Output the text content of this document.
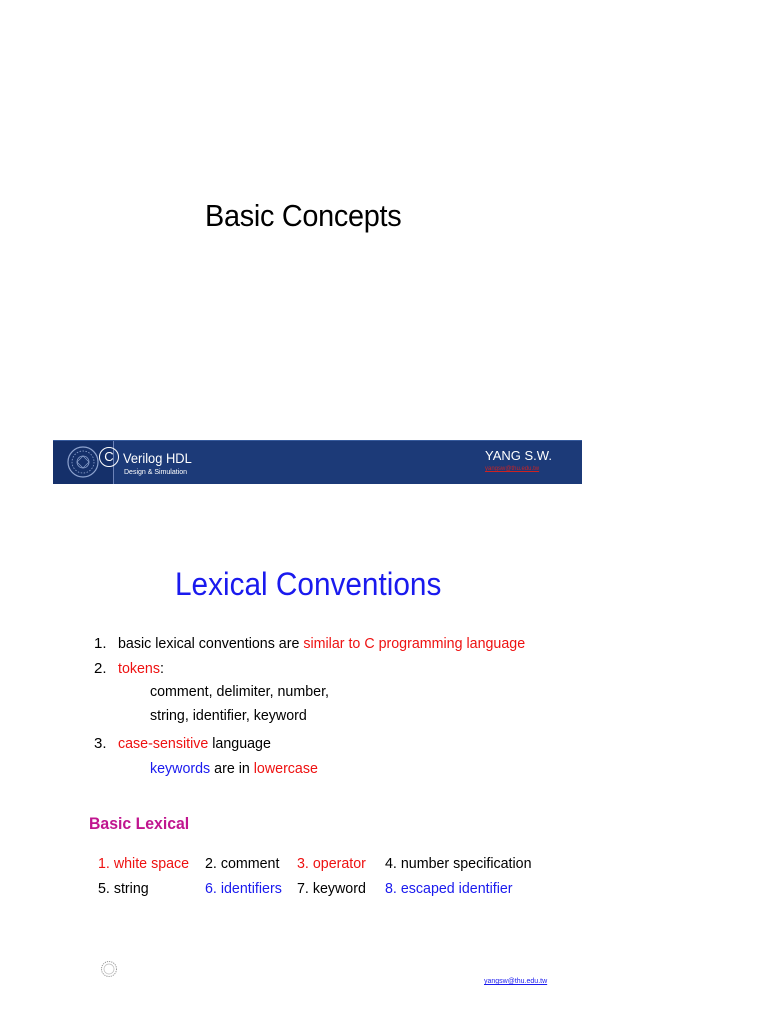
Basic Concepts
C Verilog HDL
Design & Simulation
YANG S.W.
yangsw@thu.edu.tw
Lexical Conventions
1. basic lexical conventions are similar to C programming language
2. tokens:
comment, delimiter, number,
string, identifier, keyword
3. case-sensitive language
keywords are in lowercase
Basic Lexical
1. white space 2. comment 3. operator 4. number specification
5. string	6. identifiers 7. keyword 8. escaped identifier
yangsw@thu.edu.tw
